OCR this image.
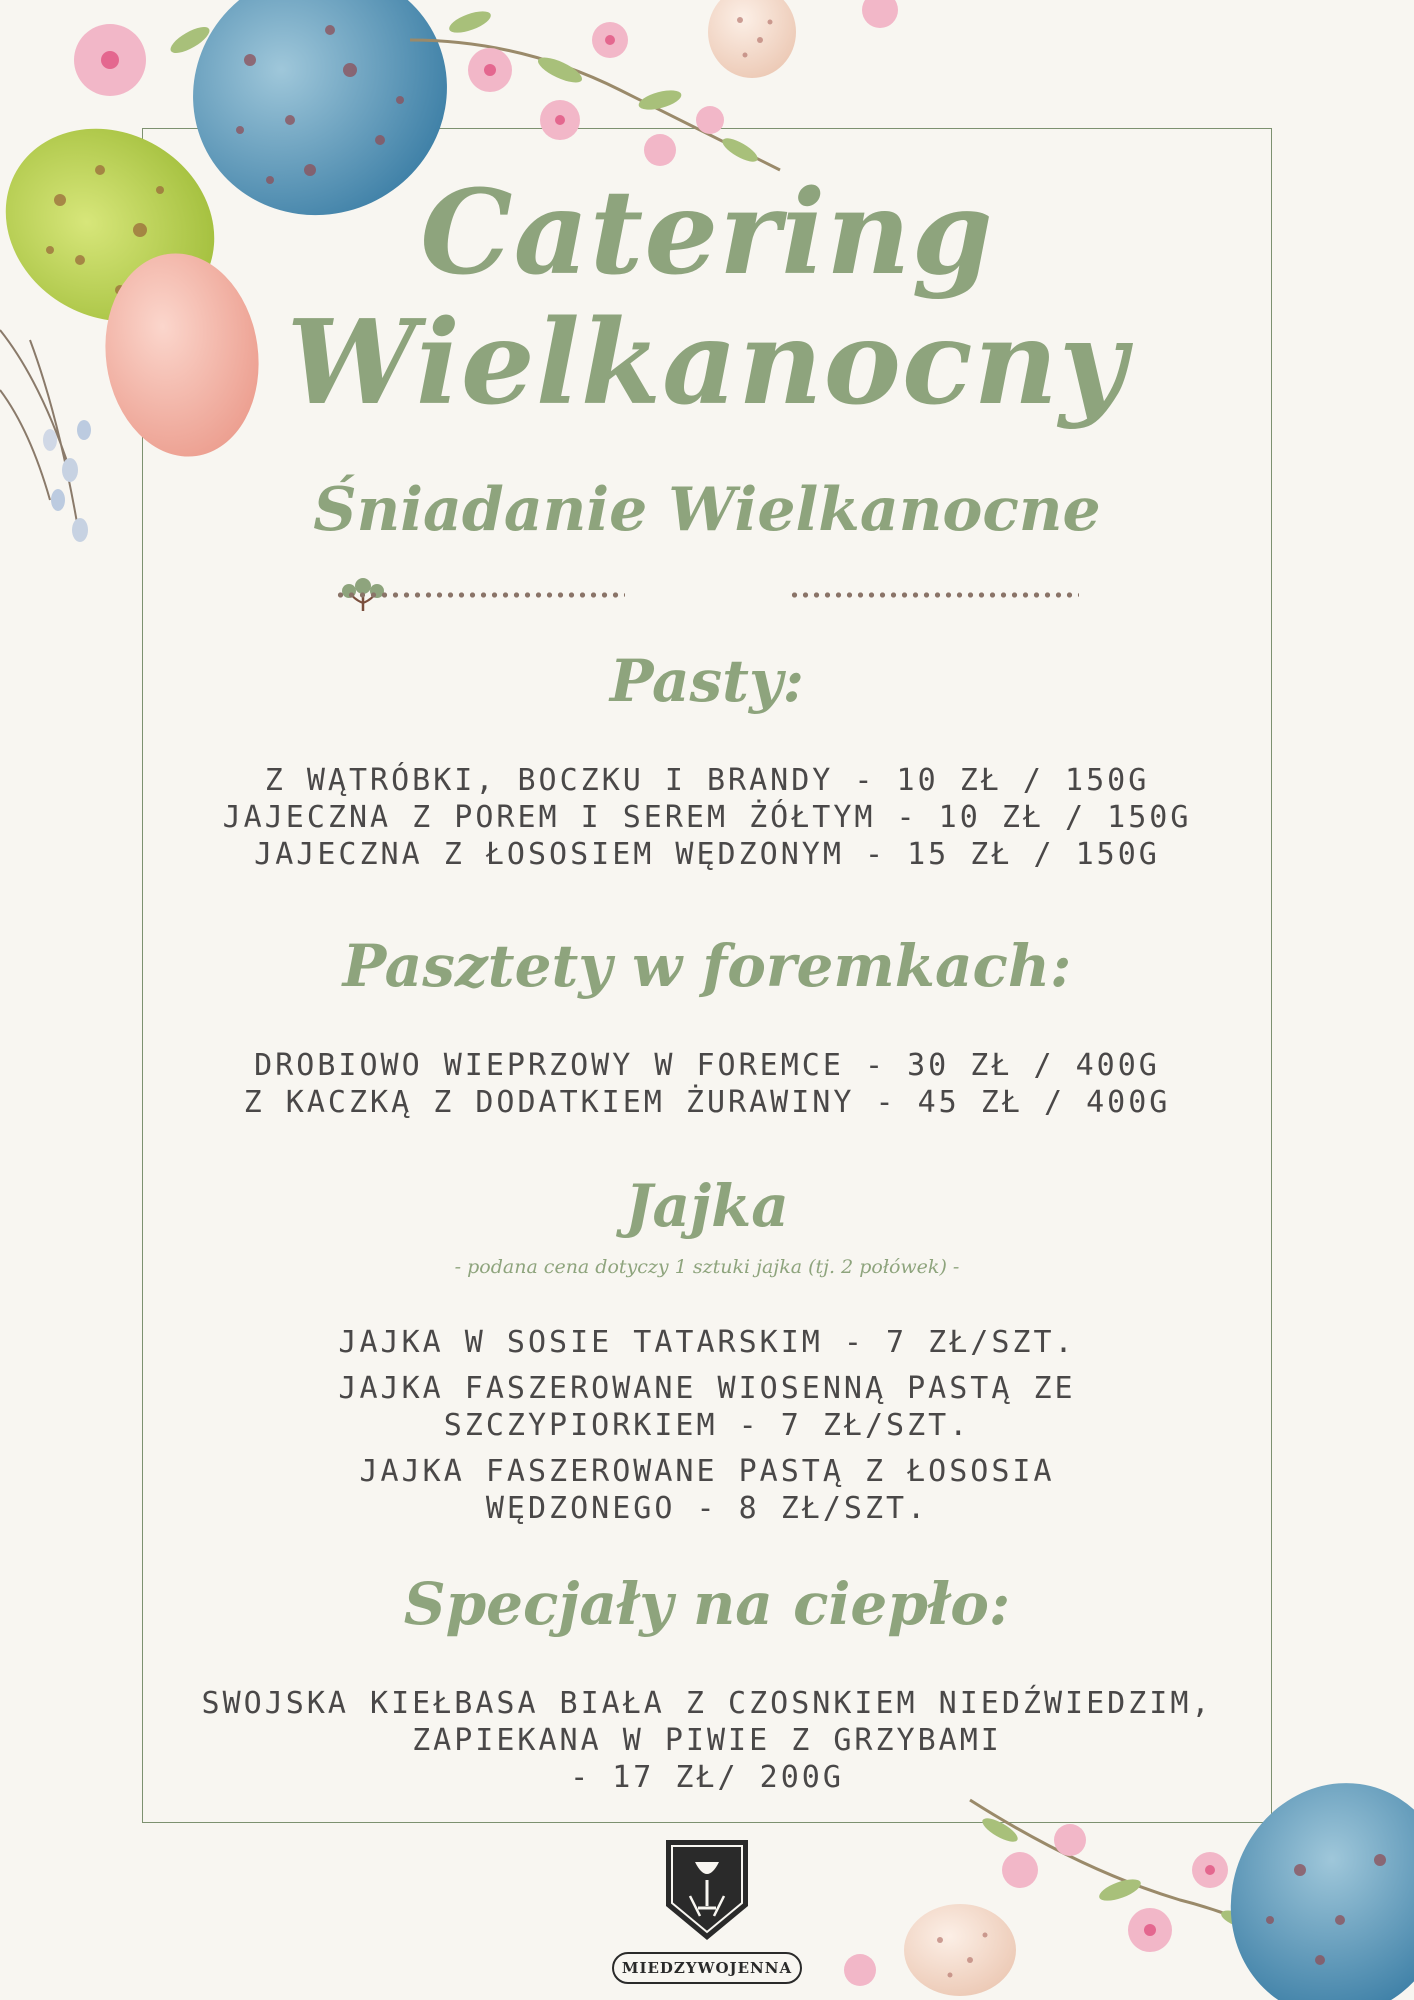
Catering
Wielkanocny
Śniadanie Wielkanocne
Pasty:
Z WĄTRÓBKI, BOCZKU I BRANDY - 10 ZŁ / 150G
JAJECZNA Z POREM I SEREM ŻÓŁTYM - 10 ZŁ / 150G
JAJECZNA Z ŁOSOSIEM WĘDZONYM - 15 ZŁ / 150G
Pasztety w foremkach:
DROBIOWO WIEPRZOWY W FOREMCE - 30 ZŁ / 400G
Z KACZKĄ Z DODATKIEM ŻURAWINY - 45 ZŁ / 400G
Jajka
- podana cena dotyczy 1 sztuki jajka (tj. 2 połówek) -
JAJKA W SOSIE TATARSKIM - 7 ZŁ/SZT.
JAJKA FASZEROWANE WIOSENNĄ PASTĄ ZE
SZCZYPIORKIEM - 7 ZŁ/SZT.
JAJKA FASZEROWANE PASTĄ Z ŁOSOSIA
WĘDZONEGO - 8 ZŁ/SZT.
Specjały na ciepło:
SWOJSKA KIEŁBASA BIAŁA Z CZOSNKIEM NIEDŹWIEDZIM,
ZAPIEKANA W PIWIE Z GRZYBAMI
- 17 ZŁ/ 200G
MIEDZYWOJENNA
